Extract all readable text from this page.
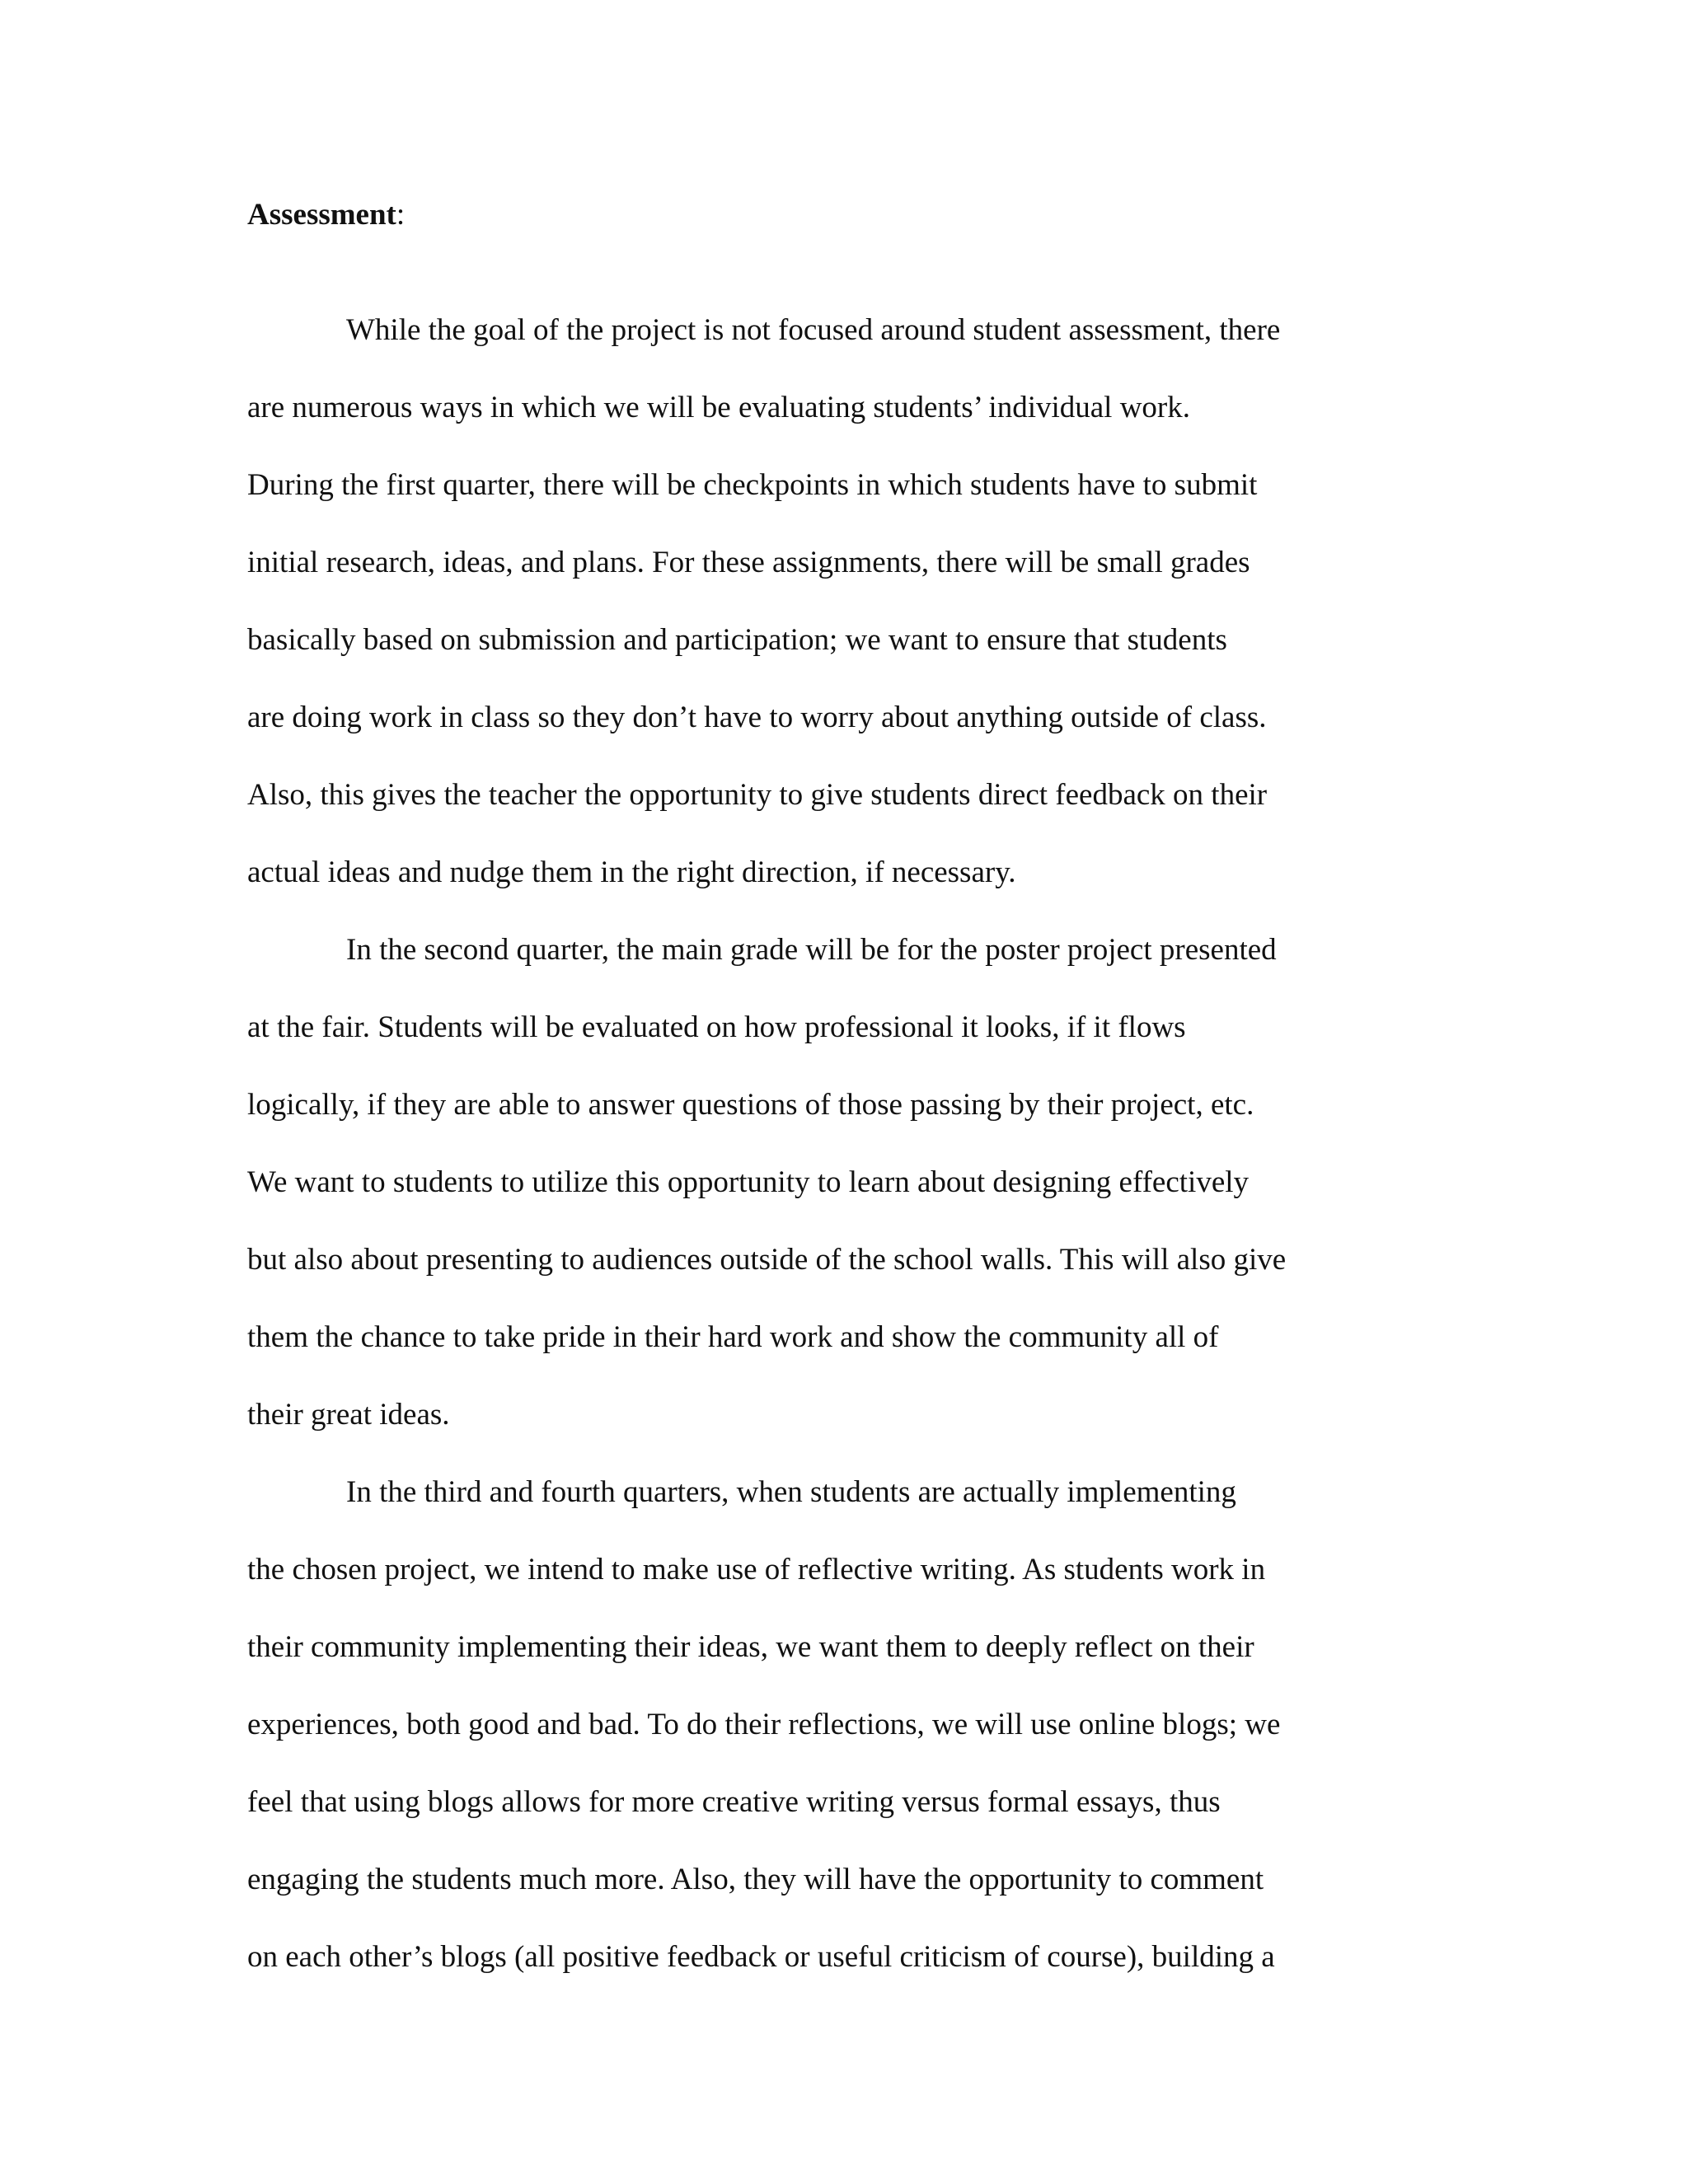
Assessment:

While the goal of the project is not focused around student assessment, there

are numerous ways in which we will be evaluating students’ individual work.

During the first quarter, there will be checkpoints in which students have to submit

initial research, ideas, and plans. For these assignments, there will be small grades

basically based on submission and participation; we want to ensure that students

are doing work in class so they don’t have to worry about anything outside of class.

Also, this gives the teacher the opportunity to give students direct feedback on their

actual ideas and nudge them in the right direction, if necessary.

In the second quarter, the main grade will be for the poster project presented

at the fair. Students will be evaluated on how professional it looks, if it flows

logically, if they are able to answer questions of those passing by their project, etc.

We want to students to utilize this opportunity to learn about designing effectively

but also about presenting to audiences outside of the school walls. This will also give

them the chance to take pride in their hard work and show the community all of

their great ideas.

In the third and fourth quarters, when students are actually implementing

the chosen project, we intend to make use of reflective writing. As students work in

their community implementing their ideas, we want them to deeply reflect on their

experiences, both good and bad. To do their reflections, we will use online blogs; we

feel that using blogs allows for more creative writing versus formal essays, thus

engaging the students much more. Also, they will have the opportunity to comment

on each other’s blogs (all positive feedback or useful criticism of course), building a
